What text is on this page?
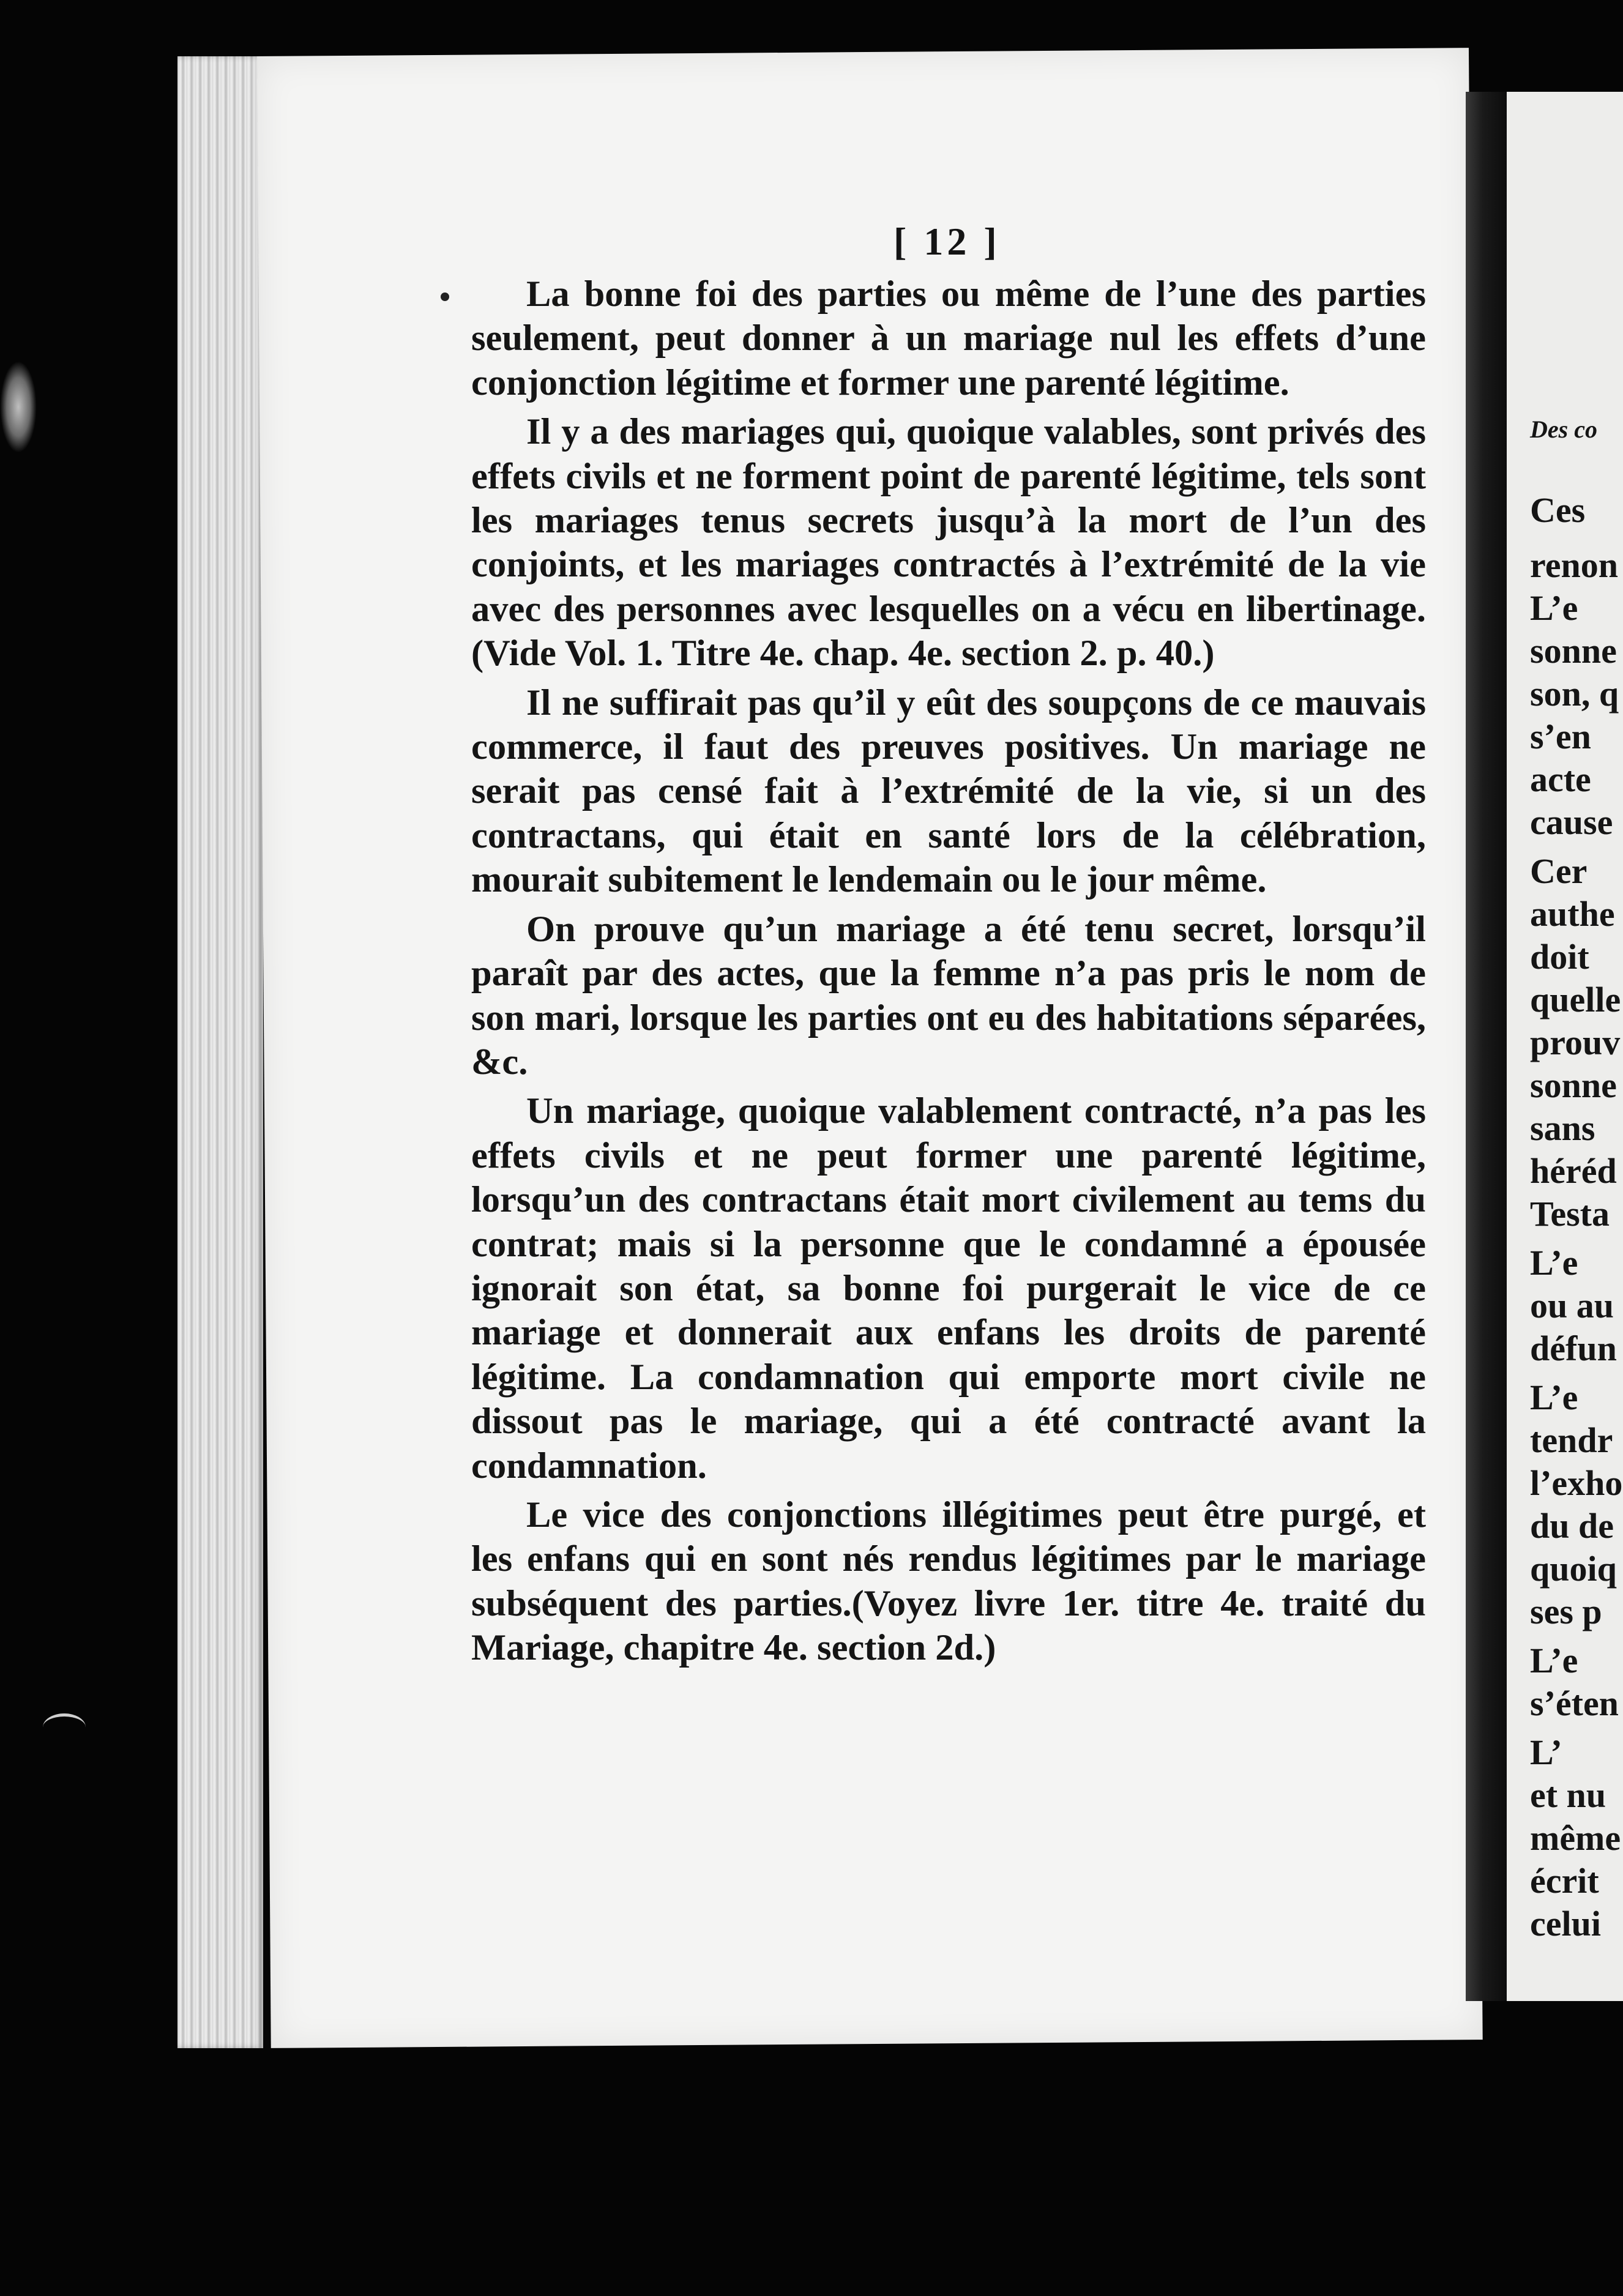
[ 12 ]

La bonne foi des parties ou même de l’une des parties seulement, peut donner à un mariage nul les effets d’une conjonction légitime et former une parenté légitime.

Il y a des mariages qui, quoique valables, sont privés des effets civils et ne forment point de parenté légitime, tels sont les mariages tenus secrets jusqu’à la mort de l’un des conjoints, et les mariages contractés à l’extrémité de la vie avec des personnes avec lesquelles on a vécu en libertinage. (Vide Vol. 1. Titre 4e. chap. 4e. section 2. p. 40.)

Il ne suffirait pas qu’il y eût des soupçons de ce mauvais commerce, il faut des preuves positives. Un mariage ne serait pas censé fait à l’extrémité de la vie, si un des contractans, qui était en santé lors de la célébration, mourait subitement le lendemain ou le jour même.

On prouve qu’un mariage a été tenu secret, lorsqu’il paraît par des actes, que la femme n’a pas pris le nom de son mari, lorsque les parties ont eu des habitations séparées, &c.

Un mariage, quoique valablement contracté, n’a pas les effets civils et ne peut former une parenté légitime, lorsqu’un des contractans était mort civilement au tems du contrat; mais si la personne que le condamné a épousée ignorait son état, sa bonne foi purgerait le vice de ce mariage et donnerait aux enfans les droits de parenté légitime. La condamnation qui emporte mort civile ne dissout pas le mariage, qui a été contracté avant la condamnation.

Le vice des conjonctions illégitimes peut être purgé, et les enfans qui en sont nés rendus légitimes par le mariage subséquent des parties.(Voyez livre 1er. titre 4e. traité du Mariage, chapitre 4e. section 2d.)

Des co
Ces
renon
L’e
sonne
son, q
s’en
acte
cause
Cer
authe
doit
quelle
prouv
sonne
sans
héréd
Testa
L’e
ou au
défun
L’e
tendr
l’exho
du de
quoiq
ses p
L’e
s’éten
L’
et nu
même
écrit
celui
